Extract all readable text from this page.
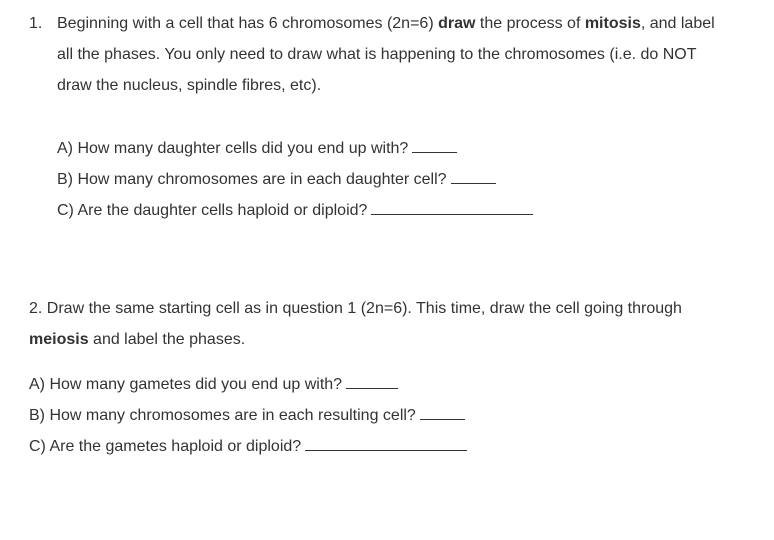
1. Beginning with a cell that has 6 chromosomes (2n=6) draw the process of mitosis, and label all the phases. You only need to draw what is happening to the chromosomes (i.e. do NOT draw the nucleus, spindle fibres, etc).
A) How many daughter cells did you end up with?
B) How many chromosomes are in each daughter cell?
C) Are the daughter cells haploid or diploid?
2. Draw the same starting cell as in question 1 (2n=6). This time, draw the cell going through meiosis and label the phases.
A) How many gametes did you end up with?
B) How many chromosomes are in each resulting cell?
C) Are the gametes haploid or diploid?
